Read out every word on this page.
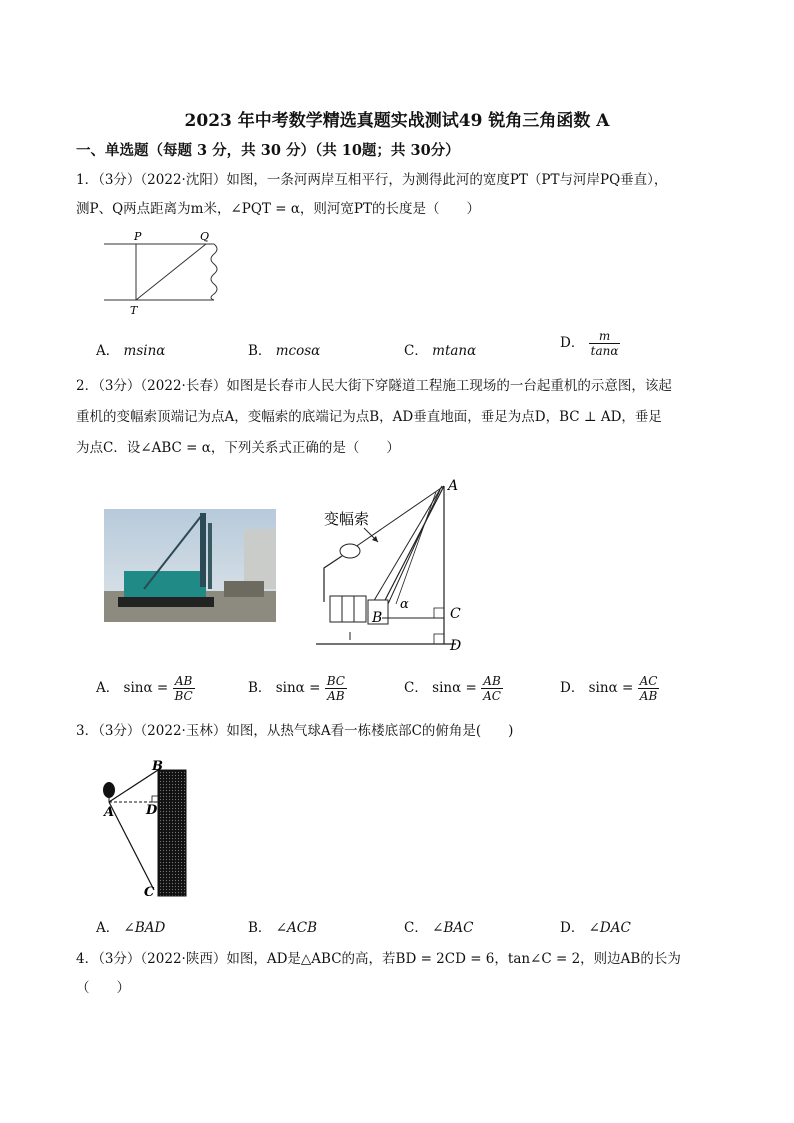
2023 年中考数学精选真题实战测试49 锐角三角函数 A
一、单选题（每题 3 分，共 30 分）（共 10题；共 30分）
1．（3分）（2022·沈阳）如图，一条河两岸互相平行，为测得此河的宽度PT（PT与河岸PQ垂直），
测P、Q两点距离为m米，∠PQT = α，则河宽PT的长度是（　　）
P	Q
T
A． msinα	B． mcosα	C． mtanα	D． $\frac{m}{\tan\alpha}$
2．（3分）（2022·长春）如图是长春市人民大街下穿隧道工程施工现场的一台起重机的示意图，该起
重机的变幅索顶端记为点A，变幅索的底端记为点B，AD垂直地面，垂足为点D，BC ⊥ AD，垂足
为点C．设∠ABC = α，下列关系式正确的是（　　）
A
变幅索
C
D
B
α
A． $\sin\alpha = \frac{AB}{BC}$	B． $\sin\alpha = \frac{BC}{AB}$	C． $\sin\alpha = \frac{AB}{AC}$	D． $\sin\alpha = \frac{AC}{AB}$
3．（3分）（2022·玉林）如图，从热气球A看一栋楼底部C的俯角是(　　)
A
B
D
C
A． ∠BAD	B． ∠ACB	C． ∠BAC	D． ∠DAC
4．（3分）（2022·陕西）如图，AD是△ABC的高，若BD = 2CD = 6，tan∠C = 2，则边AB的长为
（　　）
